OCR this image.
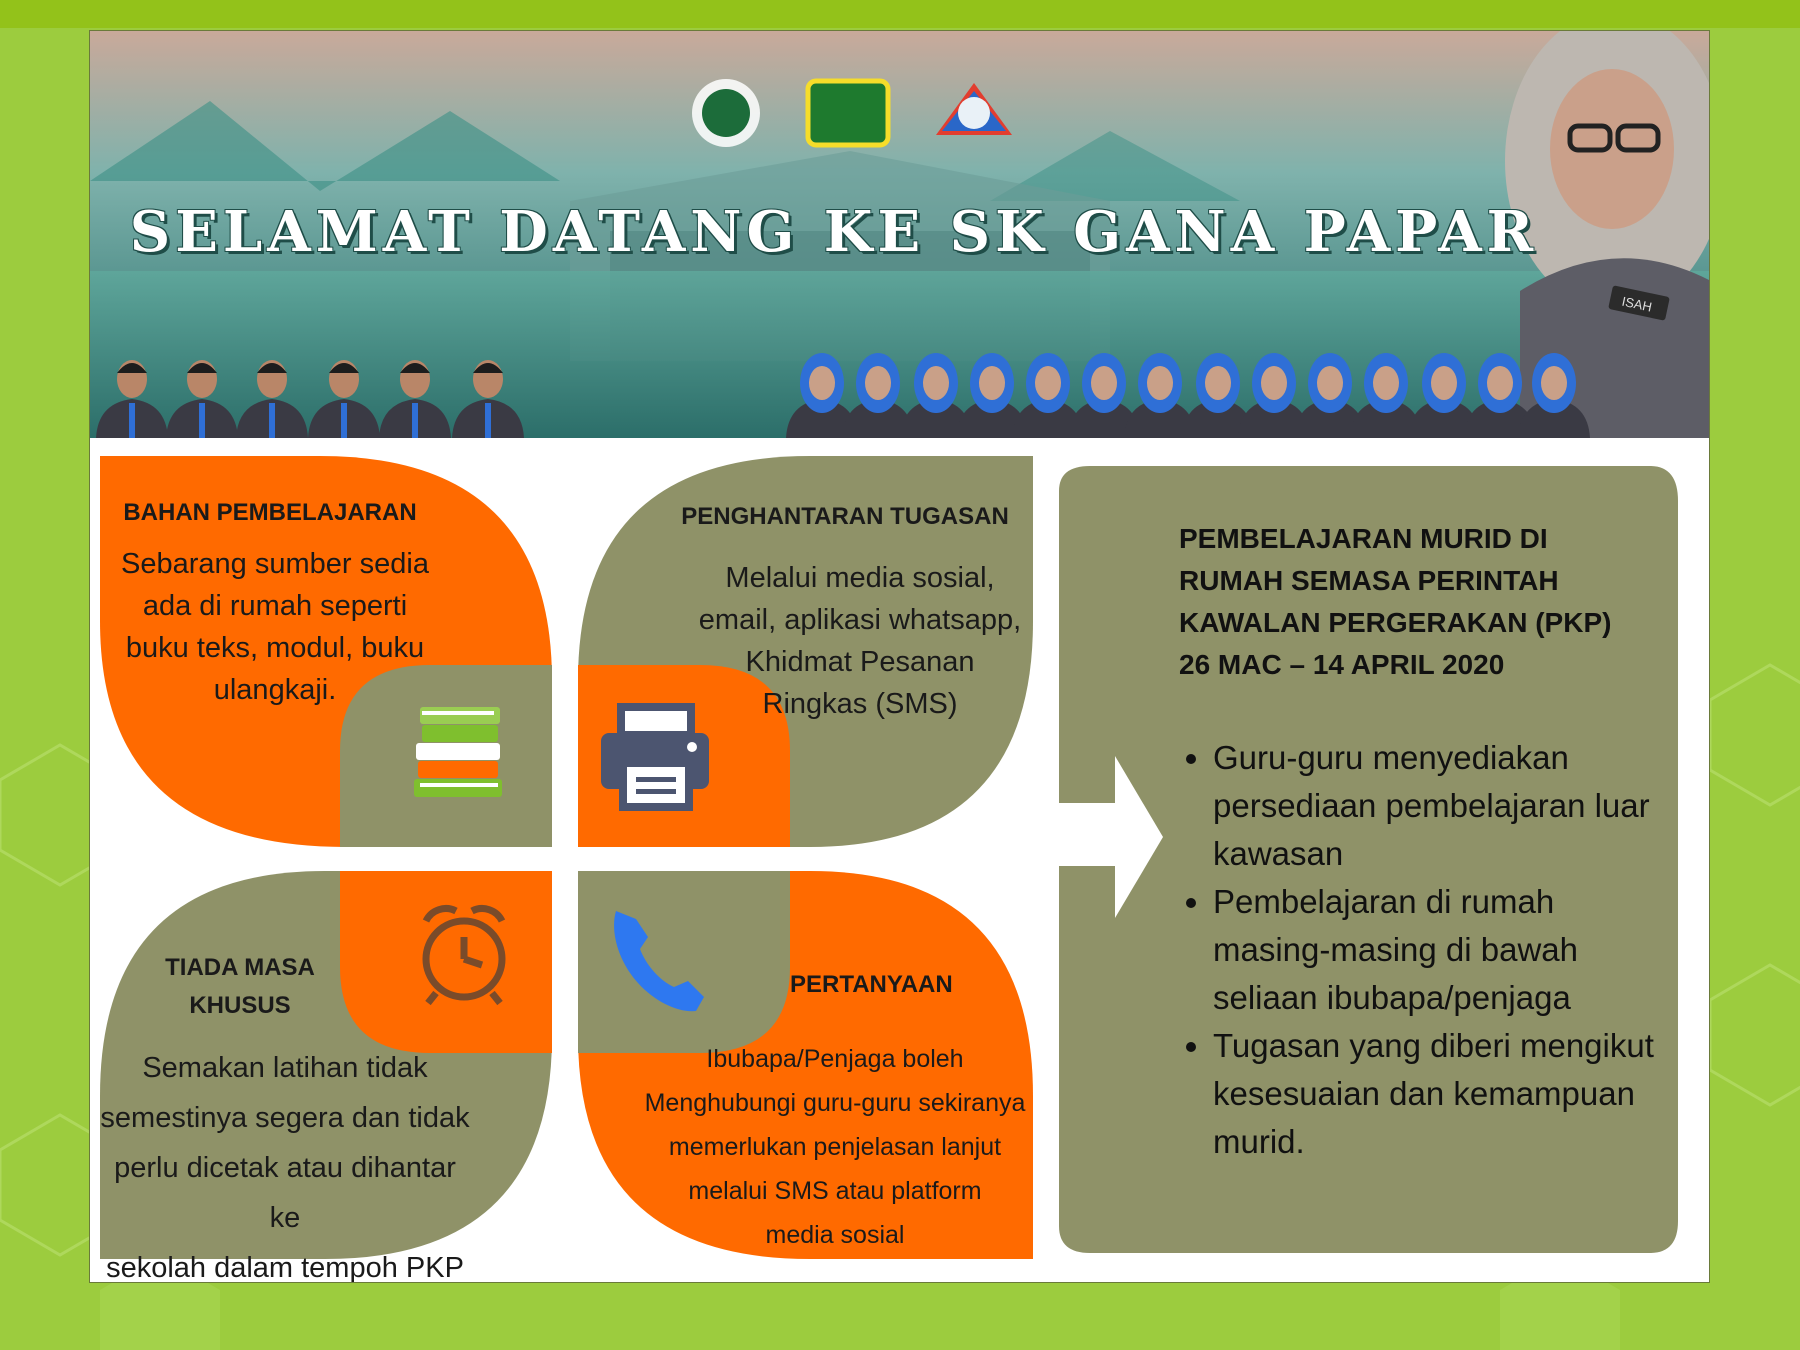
ISAH
SELAMAT DATANG KE SK GANA PAPAR
BAHAN PEMBELAJARAN
Sebarang sumber sedia
ada di rumah seperti
buku teks, modul, buku
ulangkaji.
PENGHANTARAN TUGASAN
Melalui media sosial,
email, aplikasi whatsapp,
Khidmat Pesanan
Ringkas (SMS)
TIADA MASA
KHUSUS
Semakan latihan tidak
semestinya segera dan tidak
perlu dicetak atau dihantar ke
sekolah dalam tempoh PKP
PERTANYAAN
Ibubapa/Penjaga boleh
Menghubungi guru-guru sekiranya
memerlukan penjelasan lanjut
melalui SMS atau platform
media sosial
PEMBELAJARAN MURID DI
RUMAH SEMASA PERINTAH
KAWALAN PERGERAKAN (PKP)
26 MAC – 14 APRIL 2020
• Guru-guru menyediakan persediaan pembelajaran luar kawasan
• Pembelajaran di rumah masing-masing di bawah seliaan ibubapa/penjaga
• Tugasan yang diberi mengikut kesesuaian dan kemampuan murid.
